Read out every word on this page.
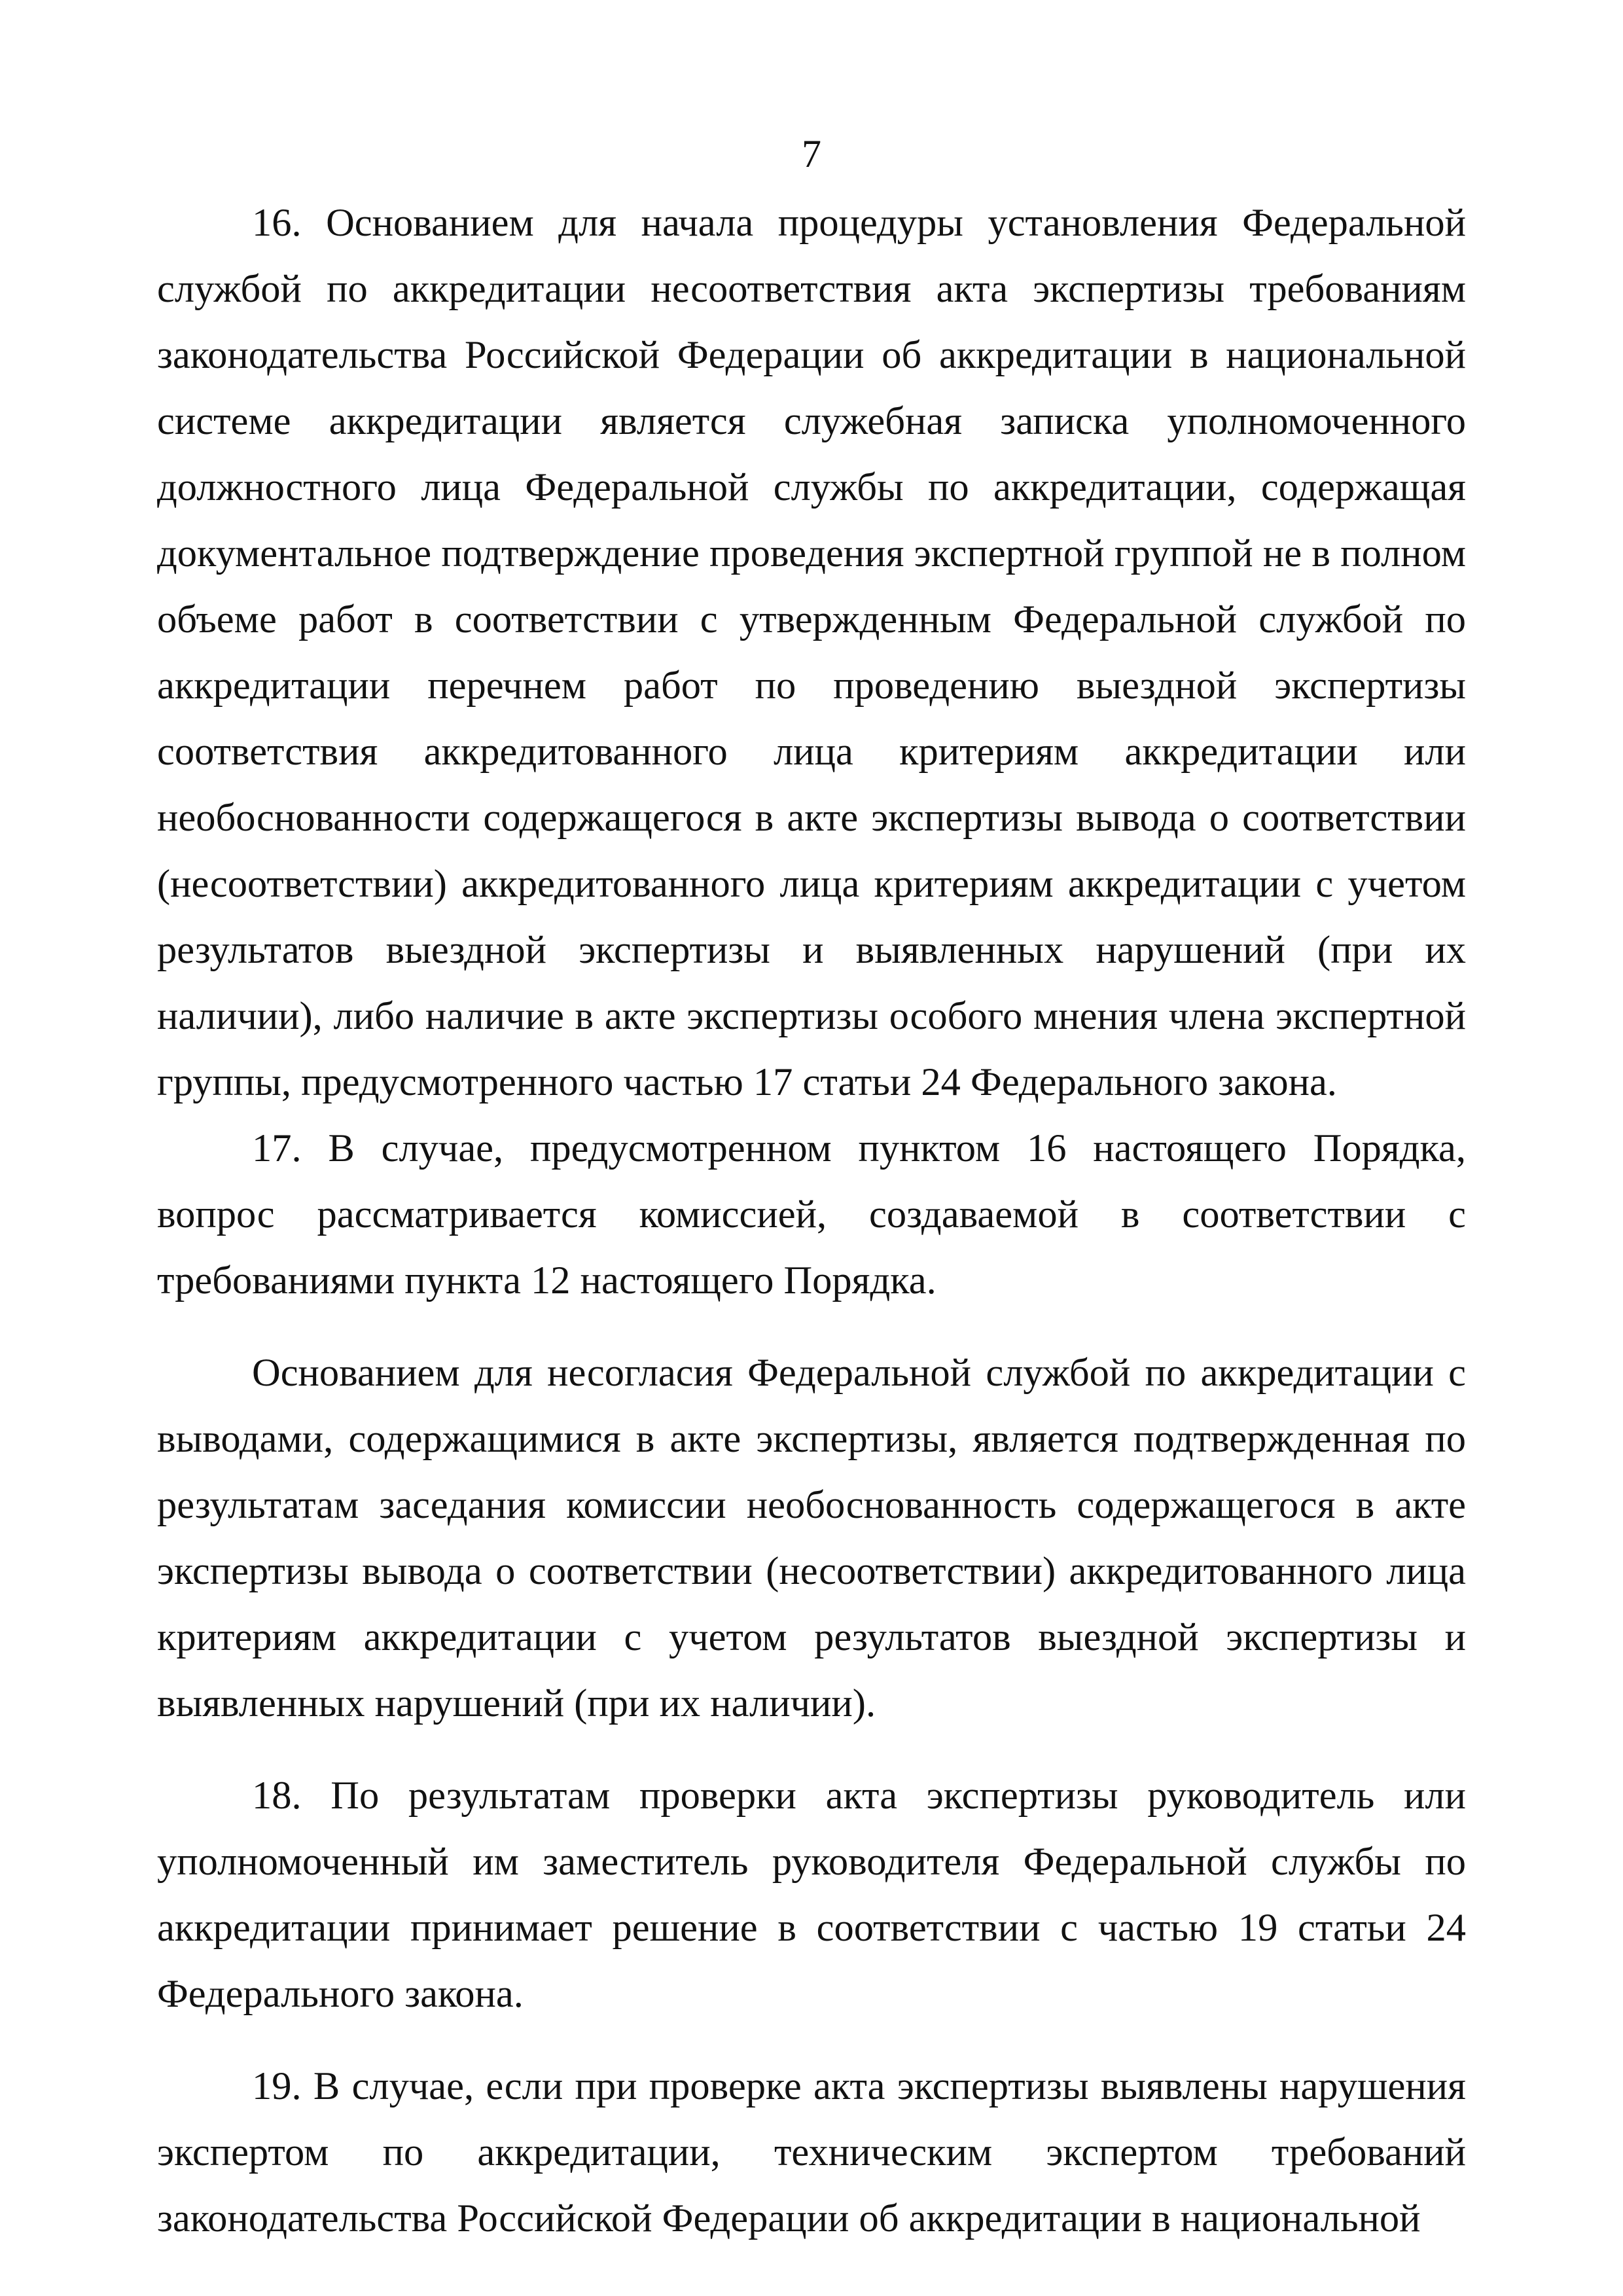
7

16. Основанием для начала процедуры установления Федеральной службой по аккредитации несоответствия акта экспертизы требованиям законодательства Российской Федерации об аккредитации в национальной системе аккредитации является служебная записка уполномоченного должностного лица Федеральной службы по аккредитации, содержащая документальное подтверждение проведения экспертной группой не в полном объеме работ в соответствии с утвержденным Федеральной службой по аккредитации перечнем работ по проведению выездной экспертизы соответствия аккредитованного лица критериям аккредитации или необоснованности содержащегося в акте экспертизы вывода о соответствии (несоответствии) аккредитованного лица критериям аккредитации с учетом результатов выездной экспертизы и выявленных нарушений (при их наличии), либо наличие в акте экспертизы особого мнения члена экспертной группы, предусмотренного частью 17 статьи 24 Федерального закона.

17. В случае, предусмотренном пунктом 16 настоящего Порядка, вопрос рассматривается комиссией, создаваемой в соответствии с требованиями пункта 12 настоящего Порядка.

Основанием для несогласия Федеральной службой по аккредитации с выводами, содержащимися в акте экспертизы, является подтвержденная по результатам заседания комиссии необоснованность содержащегося в акте экспертизы вывода о соответствии (несоответствии) аккредитованного лица критериям аккредитации с учетом результатов выездной экспертизы и выявленных нарушений (при их наличии).

18. По результатам проверки акта экспертизы руководитель или уполномоченный им заместитель руководителя Федеральной службы по аккредитации принимает решение в соответствии с частью 19 статьи 24 Федерального закона.

19. В случае, если при проверке акта экспертизы выявлены нарушения экспертом по аккредитации, техническим экспертом требований законодательства Российской Федерации об аккредитации в национальной
